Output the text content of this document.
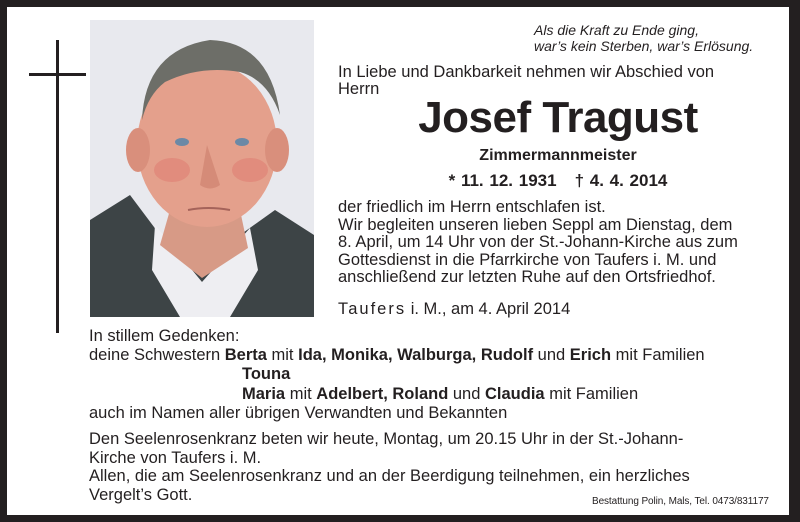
Als die Kraft zu Ende ging,
war’s kein Sterben, war’s Erlösung.
In Liebe und Dankbarkeit nehmen wir Abschied von
Herrn
Josef Tragust
Zimmermannmeister
* 11. 12. 1931 † 4. 4. 2014
der friedlich im Herrn entschlafen ist.
Wir begleiten unseren lieben Seppl am Dienstag, dem
8. April, um 14 Uhr von der St.-Johann-Kirche aus zum
Gottesdienst in die Pfarrkirche von Taufers i. M. und
anschließend zur letzten Ruhe auf den Ortsfriedhof.
Taufers i. M., am 4. April 2014
In stillem Gedenken:
deine Schwestern Berta mit Ida, Monika, Walburga, Rudolf und Erich mit Familien
Touna
Maria mit Adelbert, Roland und Claudia mit Familien
auch im Namen aller übrigen Verwandten und Bekannten
Den Seelenrosenkranz beten wir heute, Montag, um 20.15 Uhr in der St.-Johann-
Kirche von Taufers i. M.
Allen, die am Seelenrosenkranz und an der Beerdigung teilnehmen, ein herzliches
Vergelt’s Gott.	Bestattung Polin, Mals, Tel. 0473/831177
